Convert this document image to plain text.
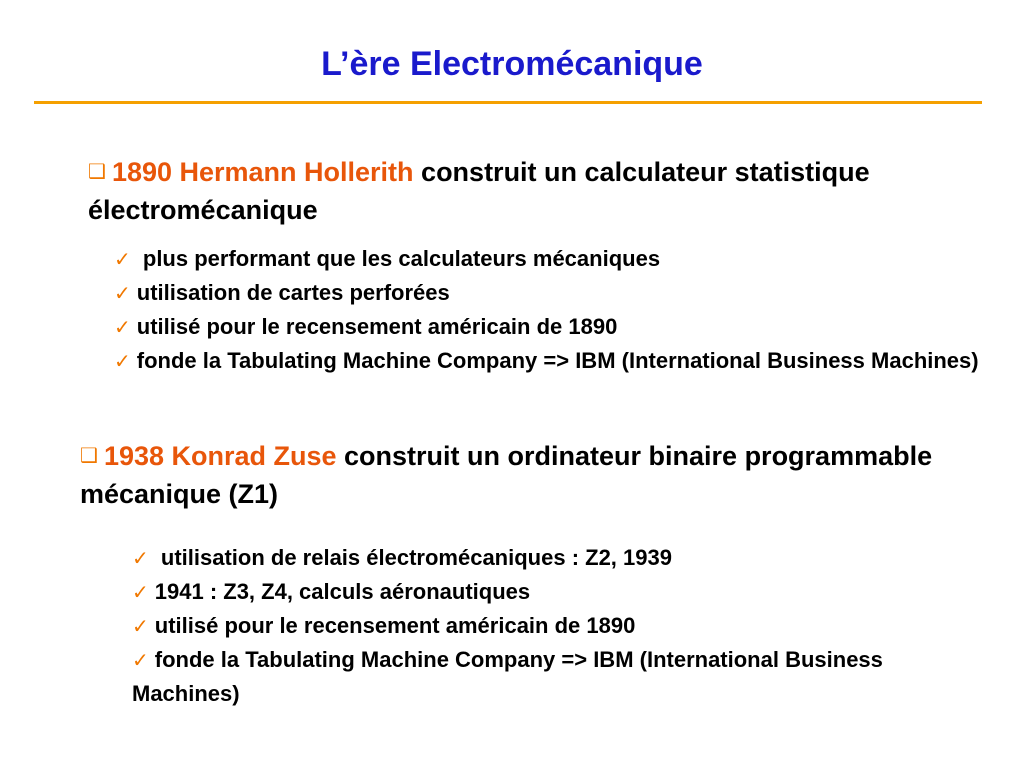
L’ère Electromécanique
❑ 1890 Hermann Hollerith construit un calculateur statistique électromécanique
✓ plus performant que les calculateurs mécaniques
✓ utilisation de cartes perforées
✓ utilisé pour le recensement américain de 1890
✓ fonde la Tabulating Machine Company => IBM (International Business Machines)
❑ 1938 Konrad Zuse construit un ordinateur binaire programmable mécanique (Z1)
✓ utilisation de relais électromécaniques : Z2, 1939
✓ 1941 : Z3, Z4, calculs aéronautiques
✓ utilisé pour le recensement américain de 1890
✓ fonde la Tabulating Machine Company => IBM (International Business Machines)
